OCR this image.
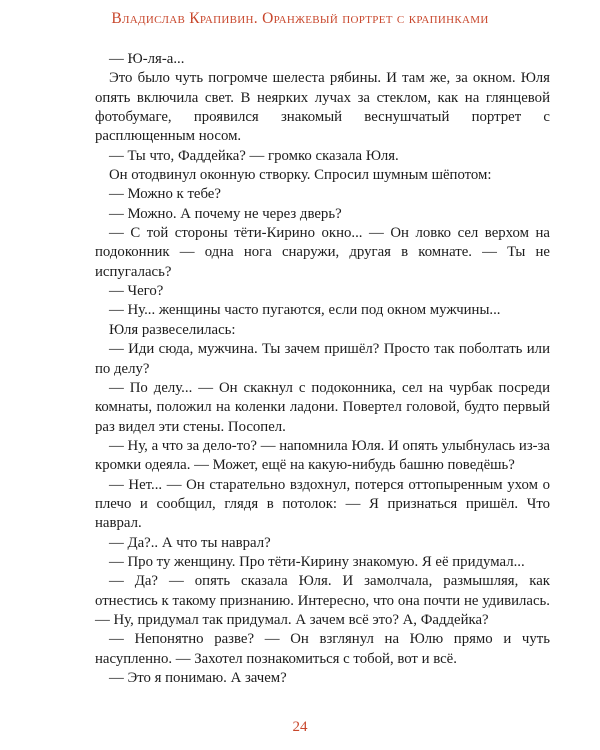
Владислав Крапивин. Оранжевый портрет с крапинками

— Ю-ля-а...

Это было чуть погромче шелеста рябины. И там же, за окном. Юля опять включила свет. В неярких лучах за стеклом, как на глянцевой фотобумаге, проявился знакомый веснушчатый портрет с расплющенным носом.

— Ты что, Фаддейка? — громко сказала Юля.

Он отодвинул оконную створку. Спросил шумным шёпотом:

— Можно к тебе?

— Можно. А почему не через дверь?

— С той стороны тёти-Кирино окно... — Он ловко сел верхом на подоконник — одна нога снаружи, другая в комнате. — Ты не испугалась?

— Чего?

— Ну... женщины часто пугаются, если под окном мужчины...

Юля развеселилась:

— Иди сюда, мужчина. Ты зачем пришёл? Просто так поболтать или по делу?

— По делу... — Он скакнул с подоконника, сел на чурбак посреди комнаты, положил на коленки ладони. Повертел головой, будто первый раз видел эти стены. Посопел.

— Ну, а что за дело-то? — напомнила Юля. И опять улыбнулась из-за кромки одеяла. — Может, ещё на какую-нибудь башню поведёшь?

— Нет... — Он старательно вздохнул, потерся оттопыренным ухом о плечо и сообщил, глядя в потолок: — Я признаться пришёл. Что наврал.

— Да?.. А что ты наврал?

— Про ту женщину. Про тёти-Кирину знакомую. Я её придумал...

— Да? — опять сказала Юля. И замолчала, размышляя, как отнестись к такому признанию. Интересно, что она почти не удивилась. — Ну, придумал так придумал. А зачем всё это? А, Фаддейка?

— Непонятно разве? — Он взглянул на Юлю прямо и чуть насупленно. — Захотел познакомиться с тобой, вот и всё.

— Это я понимаю. А зачем?

24
